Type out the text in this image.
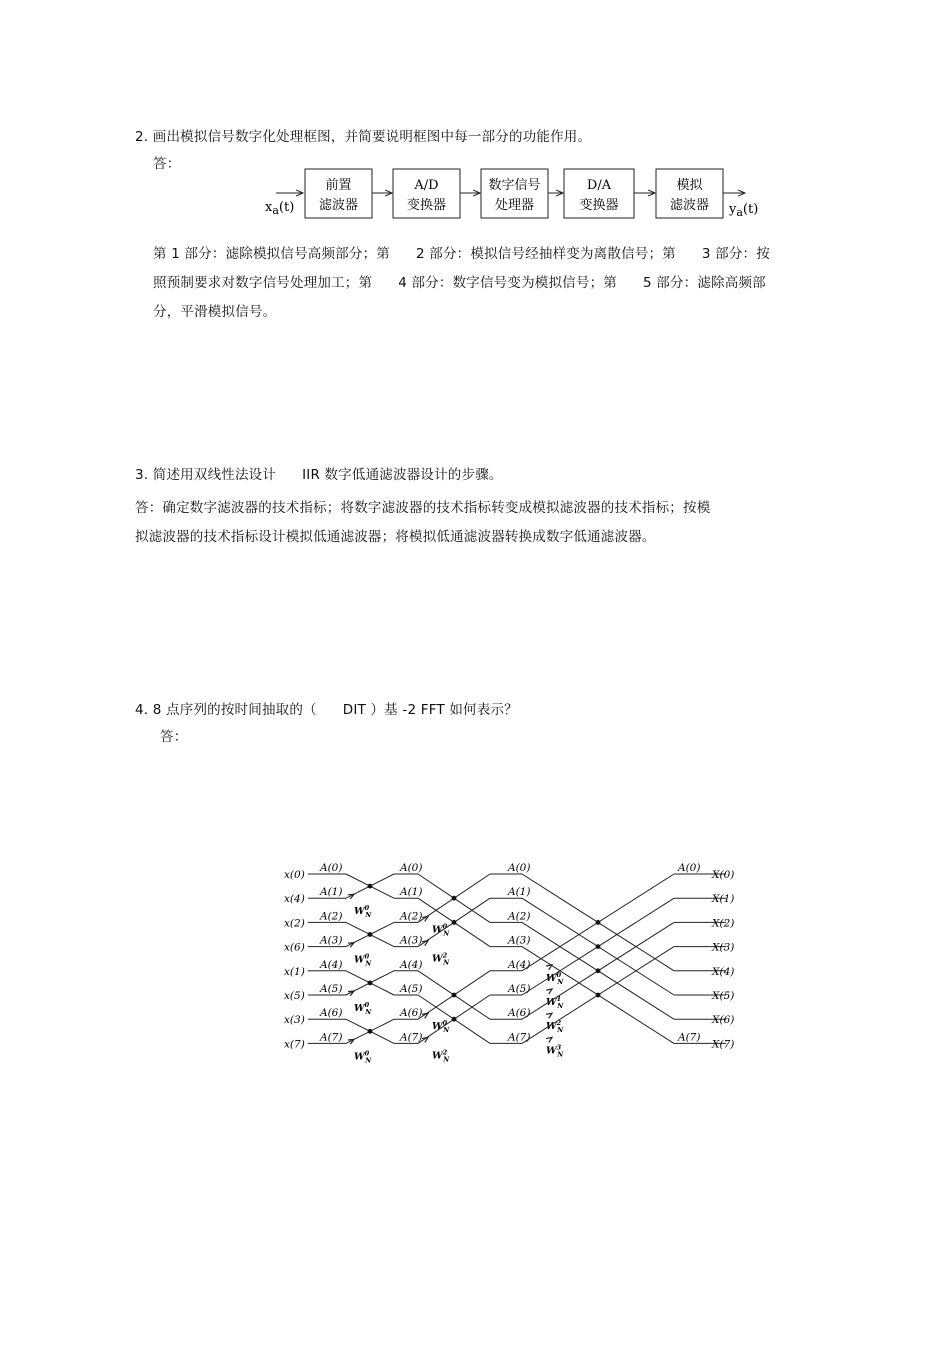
2. 画出模拟信号数字化处理框图，并简要说明框图中每一部分的功能作用。
答：
$x_a(t)$
前置
滤波器
A/D
变换器
数字信号
处理器
D/A
变换器
模拟
滤波器 $y_a(t)$
第 1 部分：滤除模拟信号高频部分；第 2 部分：模拟信号经抽样变为离散信号；第 3 部分：按
照预制要求对数字信号处理加工；第 4 部分：数字信号变为模拟信号；第 5 部分：滤除高频部
分，平滑模拟信号。
3. 简述用双线性法设计 IIR 数字低通滤波器设计的步骤。
答：确定数字滤波器的技术指标；将数字滤波器的技术指标转变成模拟滤波器的技术指标；按模
拟滤波器的技术指标设计模拟低通滤波器；将模拟低通滤波器转换成数字低通滤波器。
4. 8 点序列的按时间抽取的（ DIT ）基 -2 FFT 如何表示？
答：
x(0)
x(4)
x(2)
x(6)
x(1)
x(5)
x(3)
x(7)
$W^0$ N
$W^0$ N
$W^0$ N
$W^0$ N
A(0)	A(0)
A(1)	A(1)
A(2)	A(2)
A(3)	A(3)
A(4)	A(4)
A(5)	A(5)
A(6)	A(6)
A(7)	A(7)
$W^0$ N
$W^2$ N
$W^0$ N
$W^2$ N
A(0)
A(1)
A(2)
A(3)
A(4)
A(5)
A(6)
A(7)
$W^0$ N
$W^1$ N
$W^2$ N
$W^3$ N
X(0)
X(1)
X(2)
X(3)
X(4)
X(5)
X(6)
X(7)
A(0)
A(7)
